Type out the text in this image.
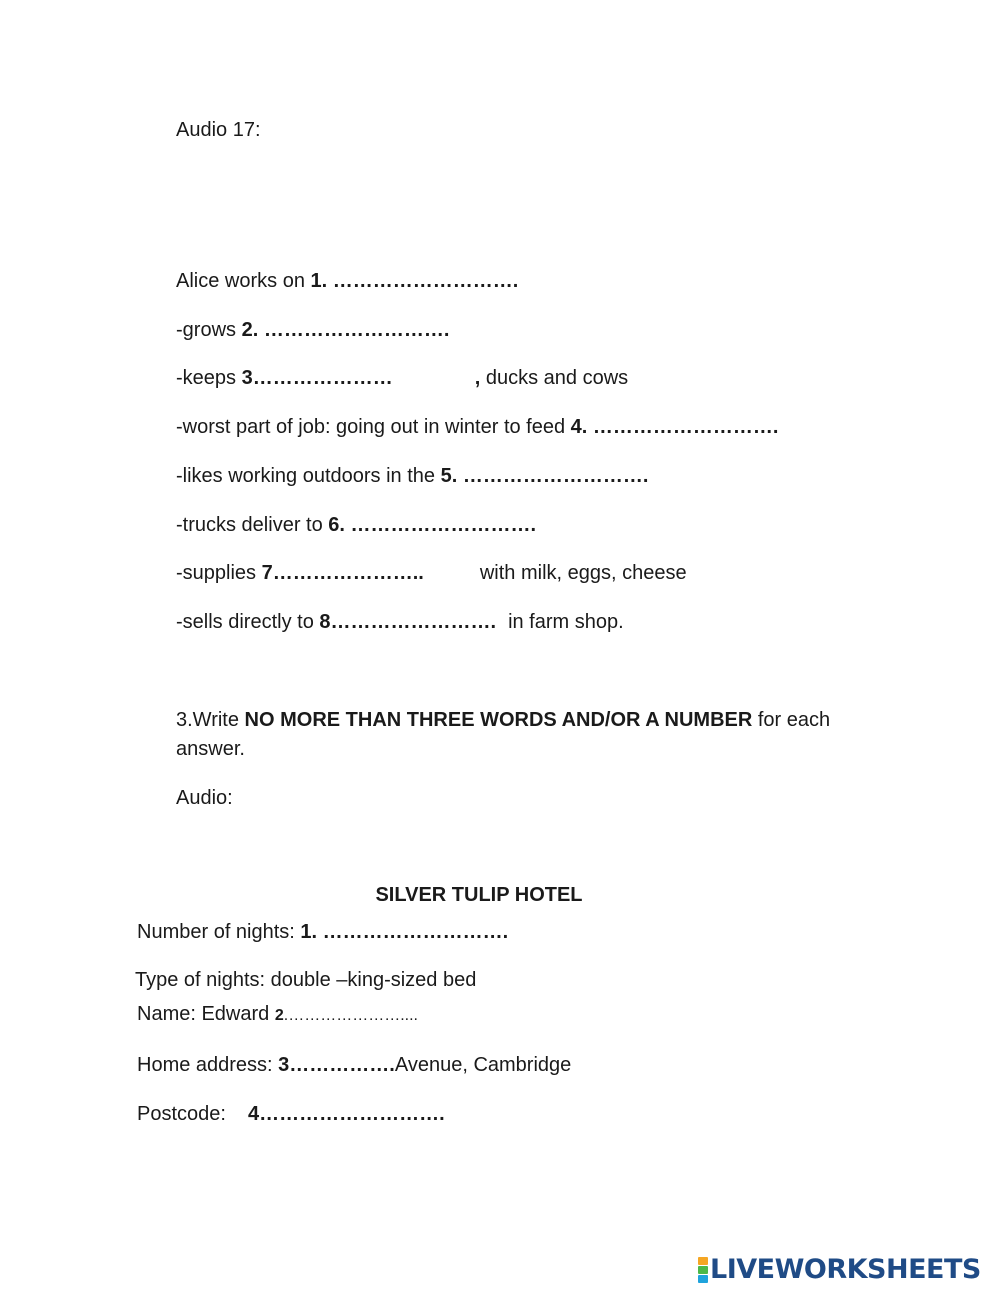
Audio 17:
Alice works on 1. ……………………….
-grows 2. ……………………….
-keeps 3…………………	, ducks and cows
-worst part of job: going out in winter to feed 4. ……………………….
-likes working outdoors in the 5. ……………………….
-trucks deliver to 6. ……………………….
-supplies 7…………………..	with milk, eggs, cheese
-sells directly to 8……………………. in farm shop.
3.Write NO MORE THAN THREE WORDS AND/OR A NUMBER for each
answer.
Audio:
SILVER TULIP HOTEL
Number of nights: 1. ……………………….
Type of nights: double –king-sized bed
Name: Edward 2.…………………....
Home address: 3…………….Avenue, Cambridge
Postcode: 4……………………….
LIVEWORKSHEETS
